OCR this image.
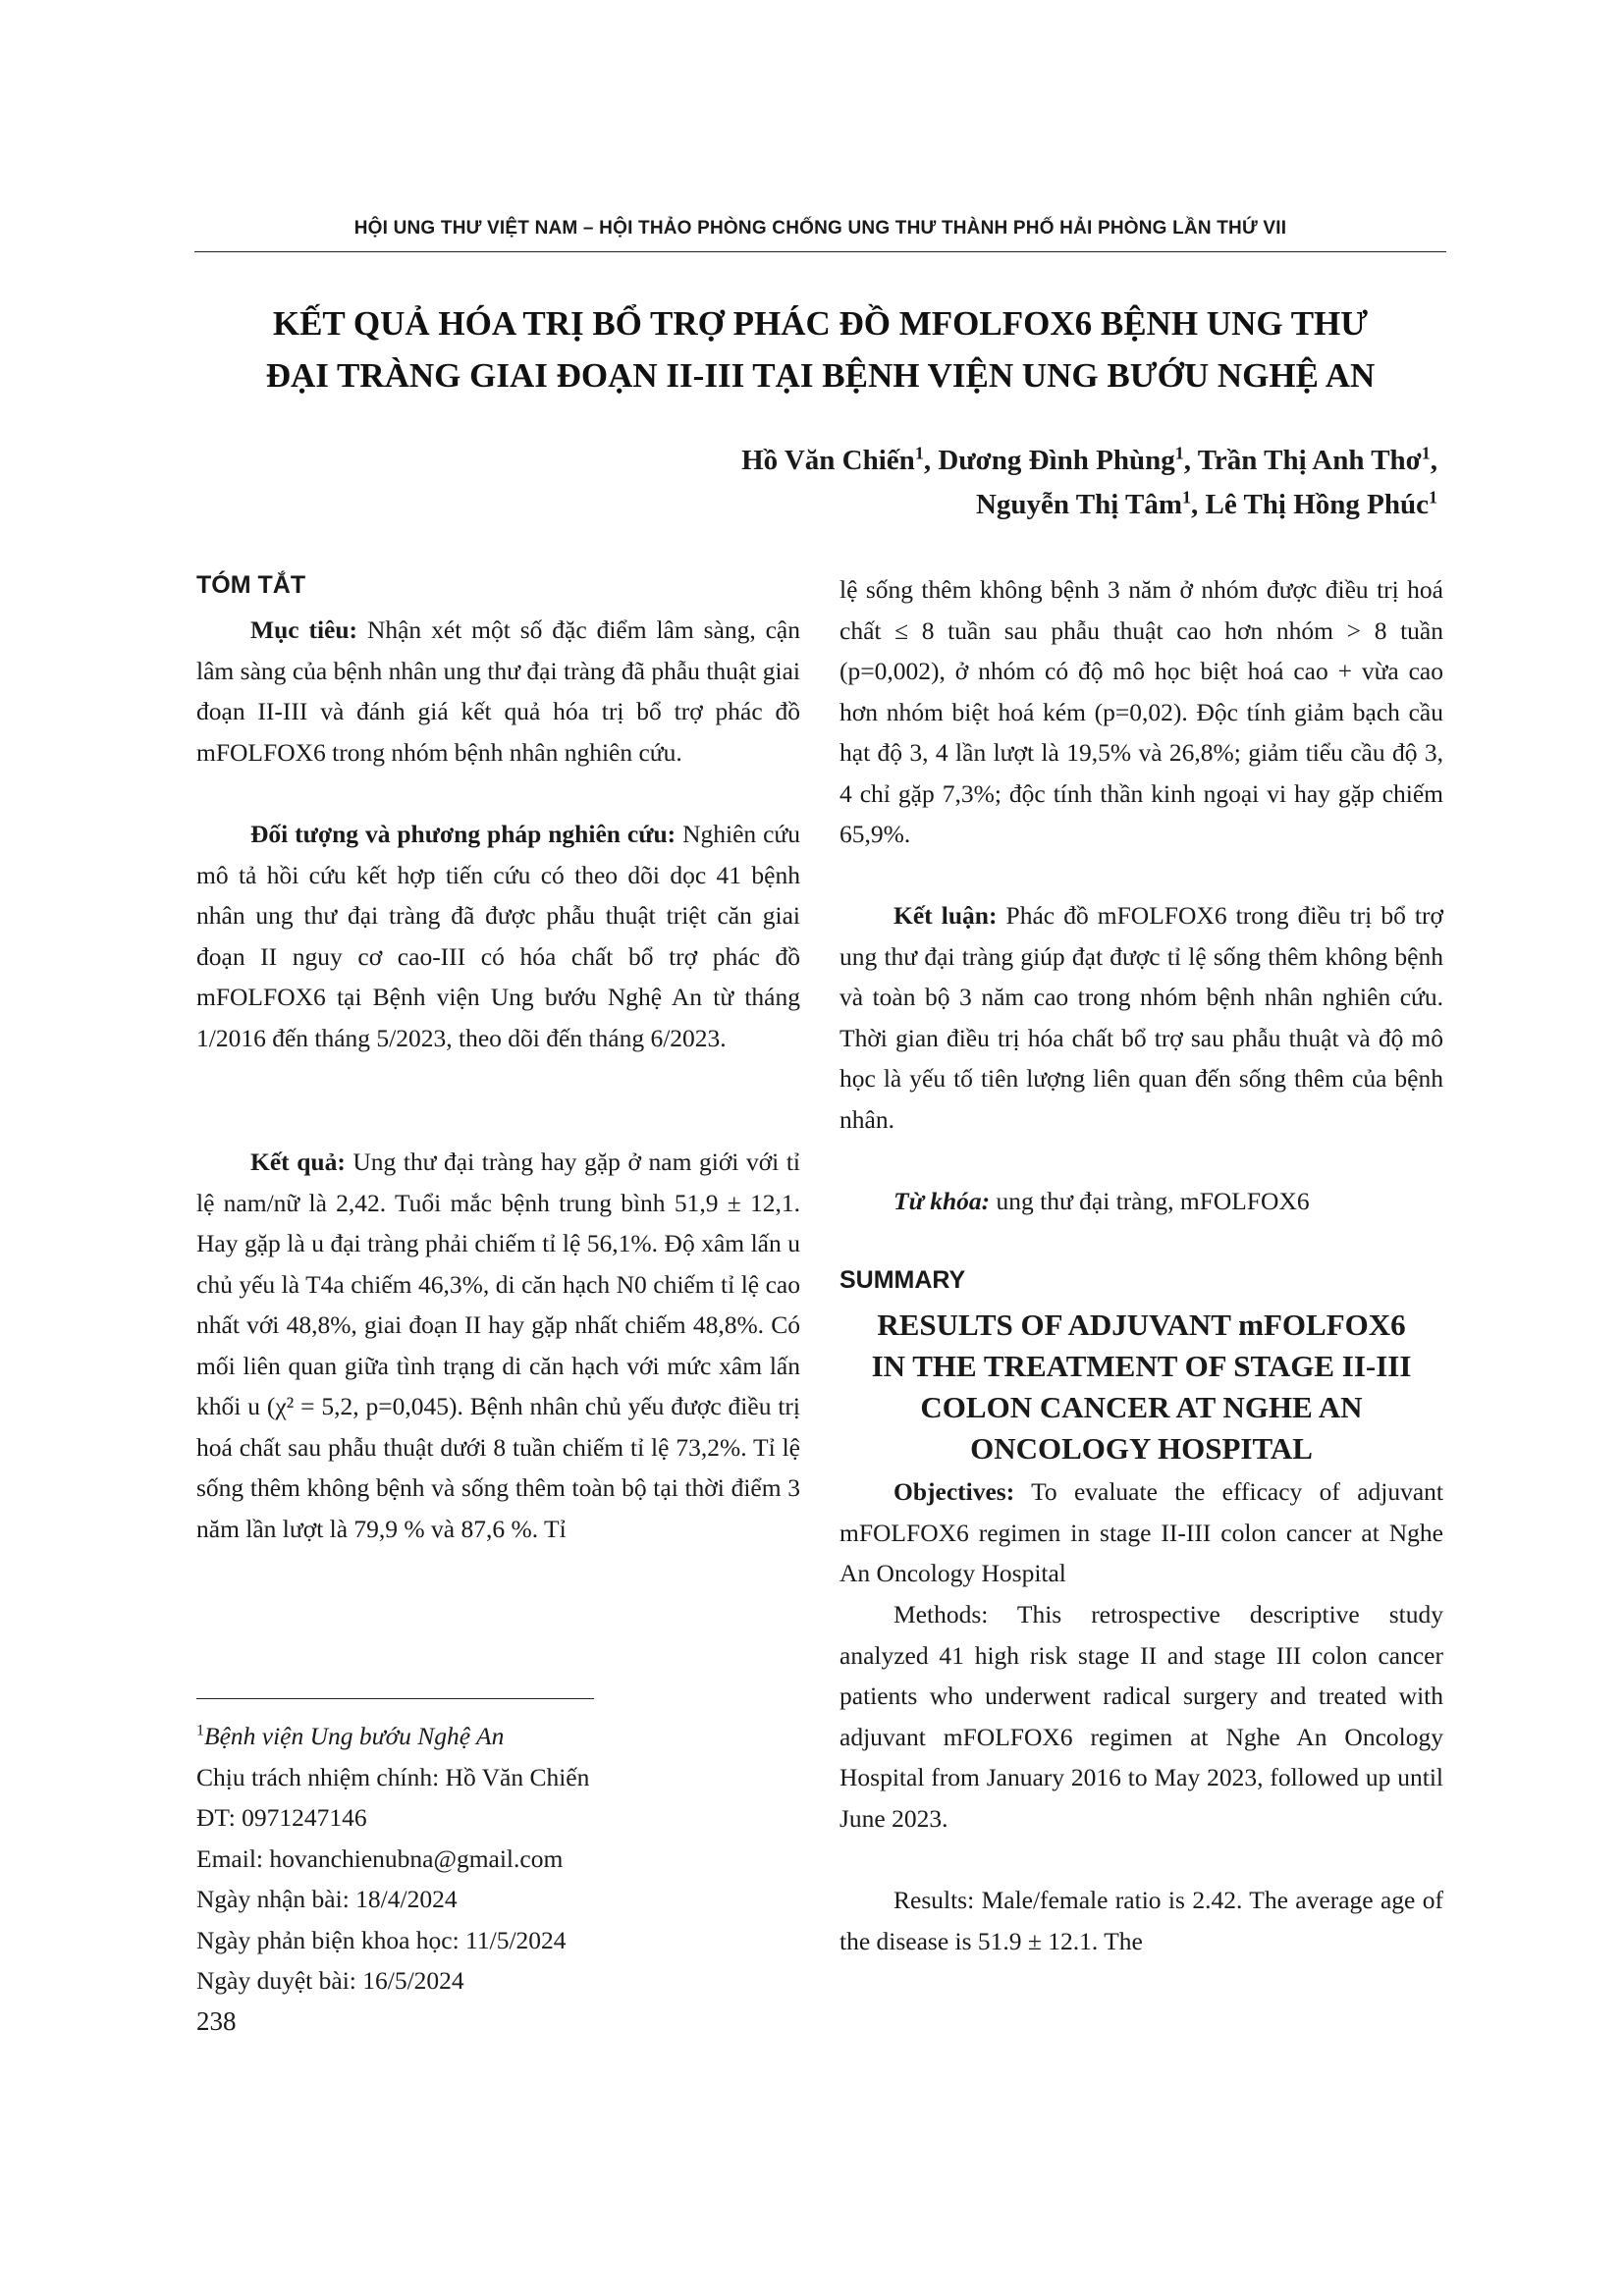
HỘI UNG THƯ VIỆT NAM – HỘI THẢO PHÒNG CHỐNG UNG THƯ THÀNH PHỐ HẢI PHÒNG LẦN THỨ VII
KẾT QUẢ HÓA TRỊ BỔ TRỢ PHÁC ĐỒ MFOLFOX6 BỆNH UNG THƯ
ĐẠI TRÀNG GIAI ĐOẠN II-III TẠI BỆNH VIỆN UNG BƯỚU NGHỆ AN
Hồ Văn Chiến$^1$, Dương Đình Phùng$^1$, Trần Thị Anh Thơ$^1$,
Nguyễn Thị Tâm$^1$, Lê Thị Hồng Phúc$^1$
TÓM TẮT

Mục tiêu: Nhận xét một số đặc điểm lâm sàng, cận lâm sàng của bệnh nhân ung thư đại tràng đã phẫu thuật giai đoạn II-III và đánh giá kết quả hóa trị bổ trợ phác đồ mFOLFOX6 trong nhóm bệnh nhân nghiên cứu.

Đối tượng và phương pháp nghiên cứu: Nghiên cứu mô tả hồi cứu kết hợp tiến cứu có theo dõi dọc 41 bệnh nhân ung thư đại tràng đã được phẫu thuật triệt căn giai đoạn II nguy cơ cao-III có hóa chất bổ trợ phác đồ mFOLFOX6 tại Bệnh viện Ung bướu Nghệ An từ tháng 1/2016 đến tháng 5/2023, theo dõi đến tháng 6/2023.

Kết quả: Ung thư đại tràng hay gặp ở nam giới với tỉ lệ nam/nữ là 2,42. Tuổi mắc bệnh trung bình 51,9 ± 12,1. Hay gặp là u đại tràng phải chiếm tỉ lệ 56,1%. Độ xâm lấn u chủ yếu là T4a chiếm 46,3%, di căn hạch N0 chiếm tỉ lệ cao nhất với 48,8%, giai đoạn II hay gặp nhất chiếm 48,8%. Có mối liên quan giữa tình trạng di căn hạch với mức xâm lấn khối u (χ² = 5,2, p=0,045). Bệnh nhân chủ yếu được điều trị hoá chất sau phẫu thuật dưới 8 tuần chiếm tỉ lệ 73,2%. Tỉ lệ sống thêm không bệnh và sống thêm toàn bộ tại thời điểm 3 năm lần lượt là 79,9 % và 87,6 %. Tỉ

$^1$Bệnh viện Ung bướu Nghệ An
Chịu trách nhiệm chính: Hồ Văn Chiến
ĐT: 0971247146
Email: hovanchienubna@gmail.com
Ngày nhận bài: 18/4/2024
Ngày phản biện khoa học: 11/5/2024
Ngày duyệt bài: 16/5/2024
238

lệ sống thêm không bệnh 3 năm ở nhóm được điều trị hoá chất ≤ 8 tuần sau phẫu thuật cao hơn nhóm > 8 tuần (p=0,002), ở nhóm có độ mô học biệt hoá cao + vừa cao hơn nhóm biệt hoá kém (p=0,02). Độc tính giảm bạch cầu hạt độ 3, 4 lần lượt là 19,5% và 26,8%; giảm tiểu cầu độ 3, 4 chỉ gặp 7,3%; độc tính thần kinh ngoại vi hay gặp chiếm 65,9%.

Kết luận: Phác đồ mFOLFOX6 trong điều trị bổ trợ ung thư đại tràng giúp đạt được tỉ lệ sống thêm không bệnh và toàn bộ 3 năm cao trong nhóm bệnh nhân nghiên cứu. Thời gian điều trị hóa chất bổ trợ sau phẫu thuật và độ mô học là yếu tố tiên lượng liên quan đến sống thêm của bệnh nhân.

Từ khóa: ung thư đại tràng, mFOLFOX6

SUMMARY
RESULTS OF ADJUVANT mFOLFOX6
IN THE TREATMENT OF STAGE II-III
COLON CANCER AT NGHE AN
ONCOLOGY HOSPITAL

Objectives: To evaluate the efficacy of adjuvant mFOLFOX6 regimen in stage II-III colon cancer at Nghe An Oncology Hospital

Methods: This retrospective descriptive study analyzed 41 high risk stage II and stage III colon cancer patients who underwent radical surgery and treated with adjuvant mFOLFOX6 regimen at Nghe An Oncology Hospital from January 2016 to May 2023, followed up until June 2023.

Results: Male/female ratio is 2.42. The average age of the disease is 51.9 ± 12.1. The
